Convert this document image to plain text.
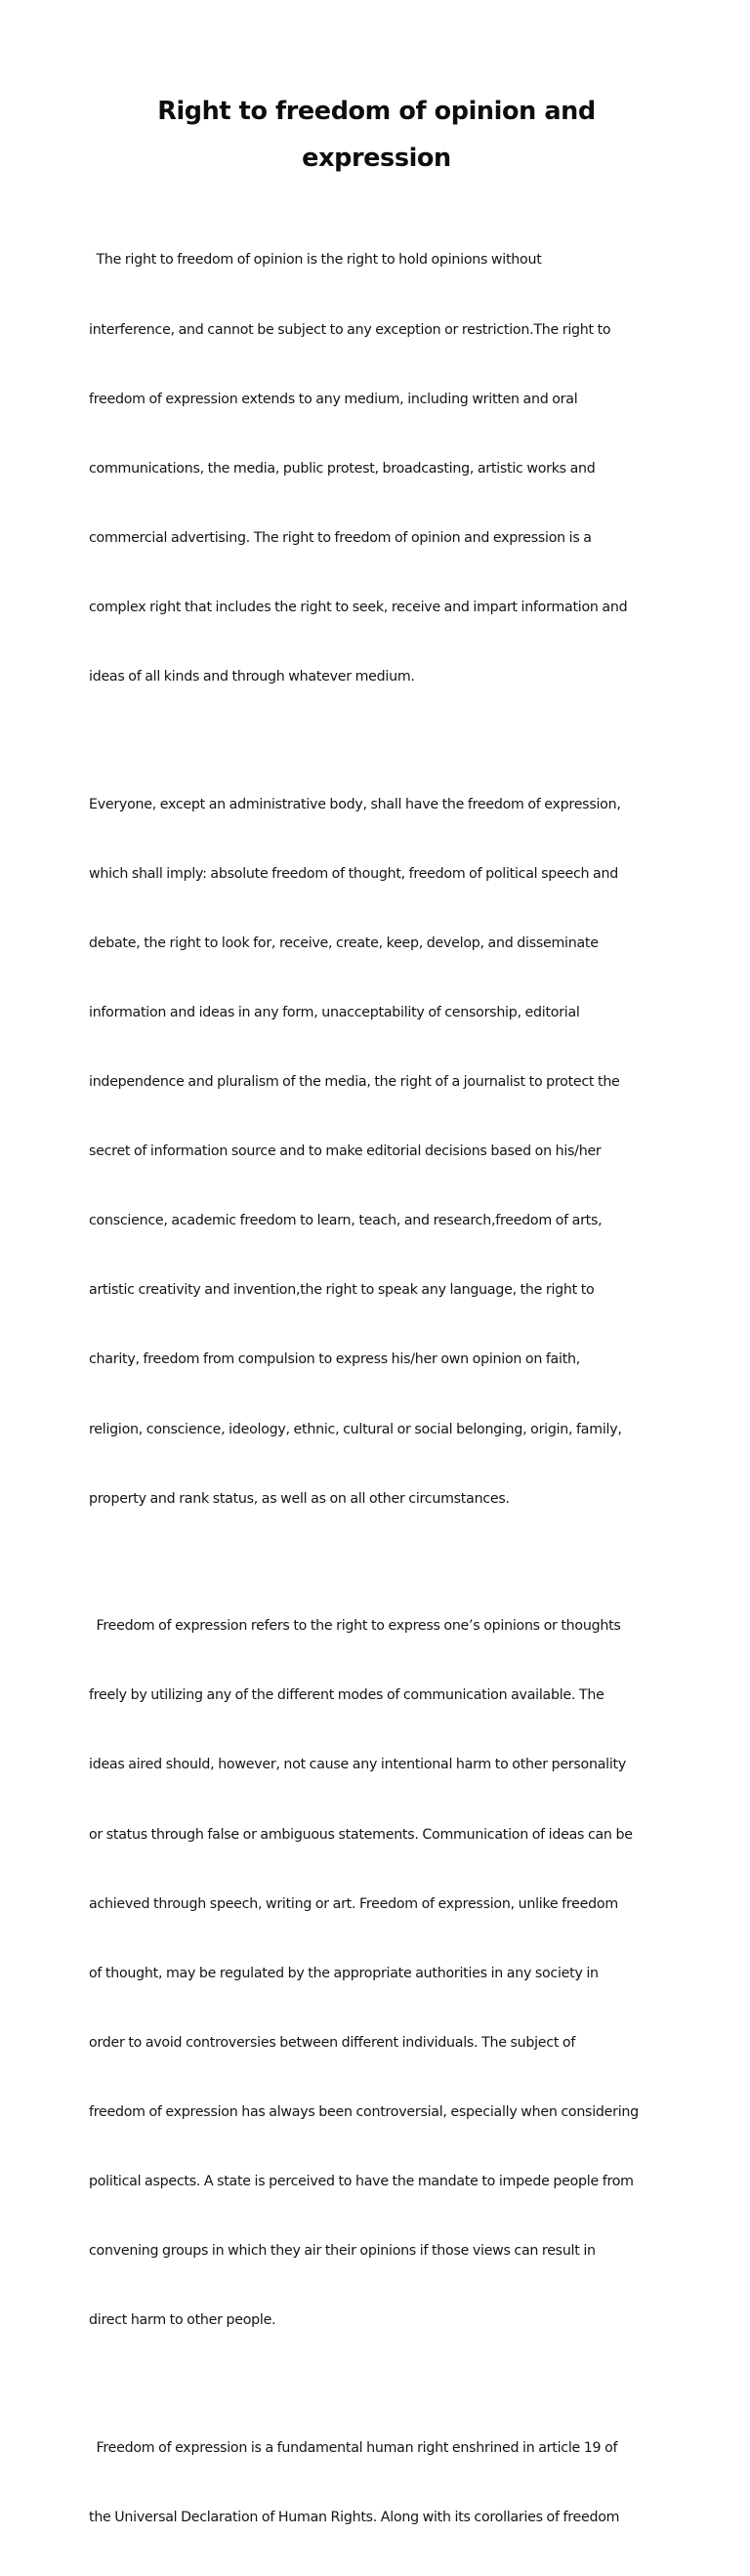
Right to freedom of opinion and expression

The right to freedom of opinion is the right to hold opinions without

interference, and cannot be subject to any exception or restriction.The right to

freedom of expression extends to any medium, including written and oral

communications, the media, public protest, broadcasting, artistic works and

commercial advertising. The right to freedom of opinion and expression is a

complex right that includes the right to seek, receive and impart information and

ideas of all kinds and through whatever medium.

Everyone, except an administrative body, shall have the freedom of expression,

which shall imply: absolute freedom of thought, freedom of political speech and

debate, the right to look for, receive, create, keep, develop, and disseminate

information and ideas in any form, unacceptability of censorship, editorial

independence and pluralism of the media, the right of a journalist to protect the

secret of information source and to make editorial decisions based on his/her

conscience, academic freedom to learn, teach, and research,freedom of arts,

artistic creativity and invention,the right to speak any language, the right to

charity, freedom from compulsion to express his/her own opinion on faith,

religion, conscience, ideology, ethnic, cultural or social belonging, origin, family,

property and rank status, as well as on all other circumstances.

Freedom of expression refers to the right to express one’s opinions or thoughts

freely by utilizing any of the different modes of communication available. The

ideas aired should, however, not cause any intentional harm to other personality

or status through false or ambiguous statements. Communication of ideas can be

achieved through speech, writing or art. Freedom of expression, unlike freedom

of thought, may be regulated by the appropriate authorities in any society in

order to avoid controversies between different individuals. The subject of

freedom of expression has always been controversial, especially when considering

political aspects. A state is perceived to have the mandate to impede people from

convening groups in which they air their opinions if those views can result in

direct harm to other people.

Freedom of expression is a fundamental human right enshrined in article 19 of

the Universal Declaration of Human Rights. Along with its corollaries of freedom
